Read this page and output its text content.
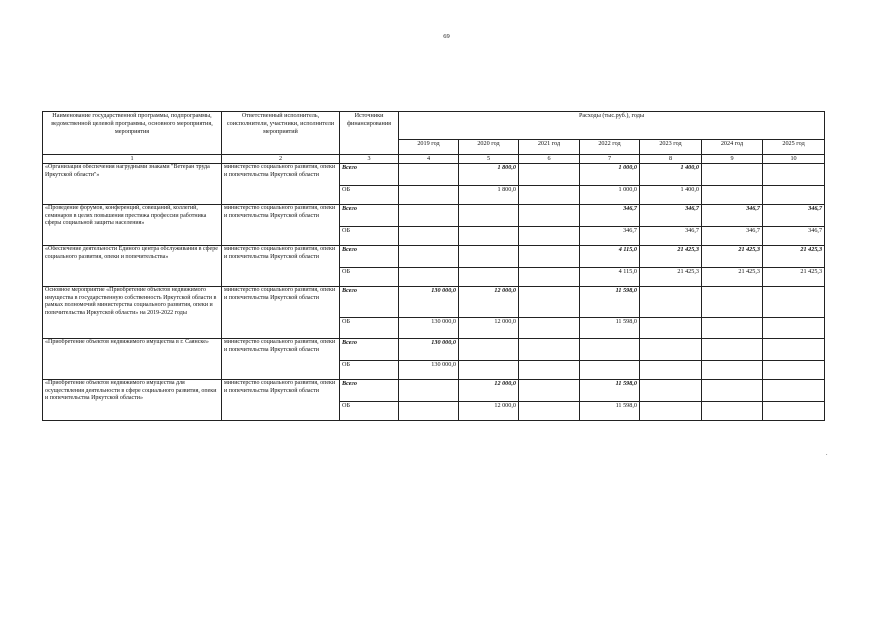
69
Наименование государственной программы, подпрограммы, ведомственной целевой программы, основного мероприятия, мероприятия	Ответственный исполнитель, соисполнители, участники, исполнители мероприятий	Источники финансирования	Расходы (тыс.руб.), годы						
			2019 год	2020 год	2021 год	2022 год	2023 год	2024 год	2025 год
1	2	3	4	5	6	7	8	9	10
«Организация обеспечения нагрудными знаками "Ветеран труда Иркутской области"»	министерство социального развития, опеки и попечительства Иркутской области	Всего		1 800,0		1 000,0	1 400,0		
		ОБ		1 800,0		1 000,0	1 400,0		
«Проведение форумов, конференций, совещаний, коллегий, семинаров в целях повышения престижа профессии работника сферы социальной защиты населения»	министерство социального развития, опеки и попечительства Иркутской области	Всего				346,7	346,7	346,7	346,7
		ОБ				346,7	346,7	346,7	346,7
«Обеспечение деятельности Единого центра обслуживания в сфере социального развития, опеки и попечительства»	министерство социального развития, опеки и попечительства Иркутской области	Всего				4 115,0	21 425,3	21 425,3	21 425,3
		ОБ				4 115,0	21 425,3	21 425,3	21 425,3
Основное мероприятие «Приобретение объектов недвижимого имущества в государственную собственность Иркутской области в рамках полномочий министерства социального развития, опеки и попечительства Иркутской области» на 2019-2022 годы	министерство социального развития, опеки и попечительства Иркутской области	Всего	130 000,0	12 000,0		11 598,0			
		ОБ	130 000,0	12 000,0		11 598,0			
«Приобретение объектов недвижимого имущества в г. Саянске»	министерство социального развития, опеки и попечительства Иркутской области	Всего	130 000,0						
		ОБ	130 000,0						
«Приобретение объектов недвижимого имущества для осуществления деятельности в сфере социального развития, опеки и попечительства Иркутской области»	министерство социального развития, опеки и попечительства Иркутской области	Всего		12 000,0		11 598,0			
		ОБ		12 000,0		11 598,0			
.
